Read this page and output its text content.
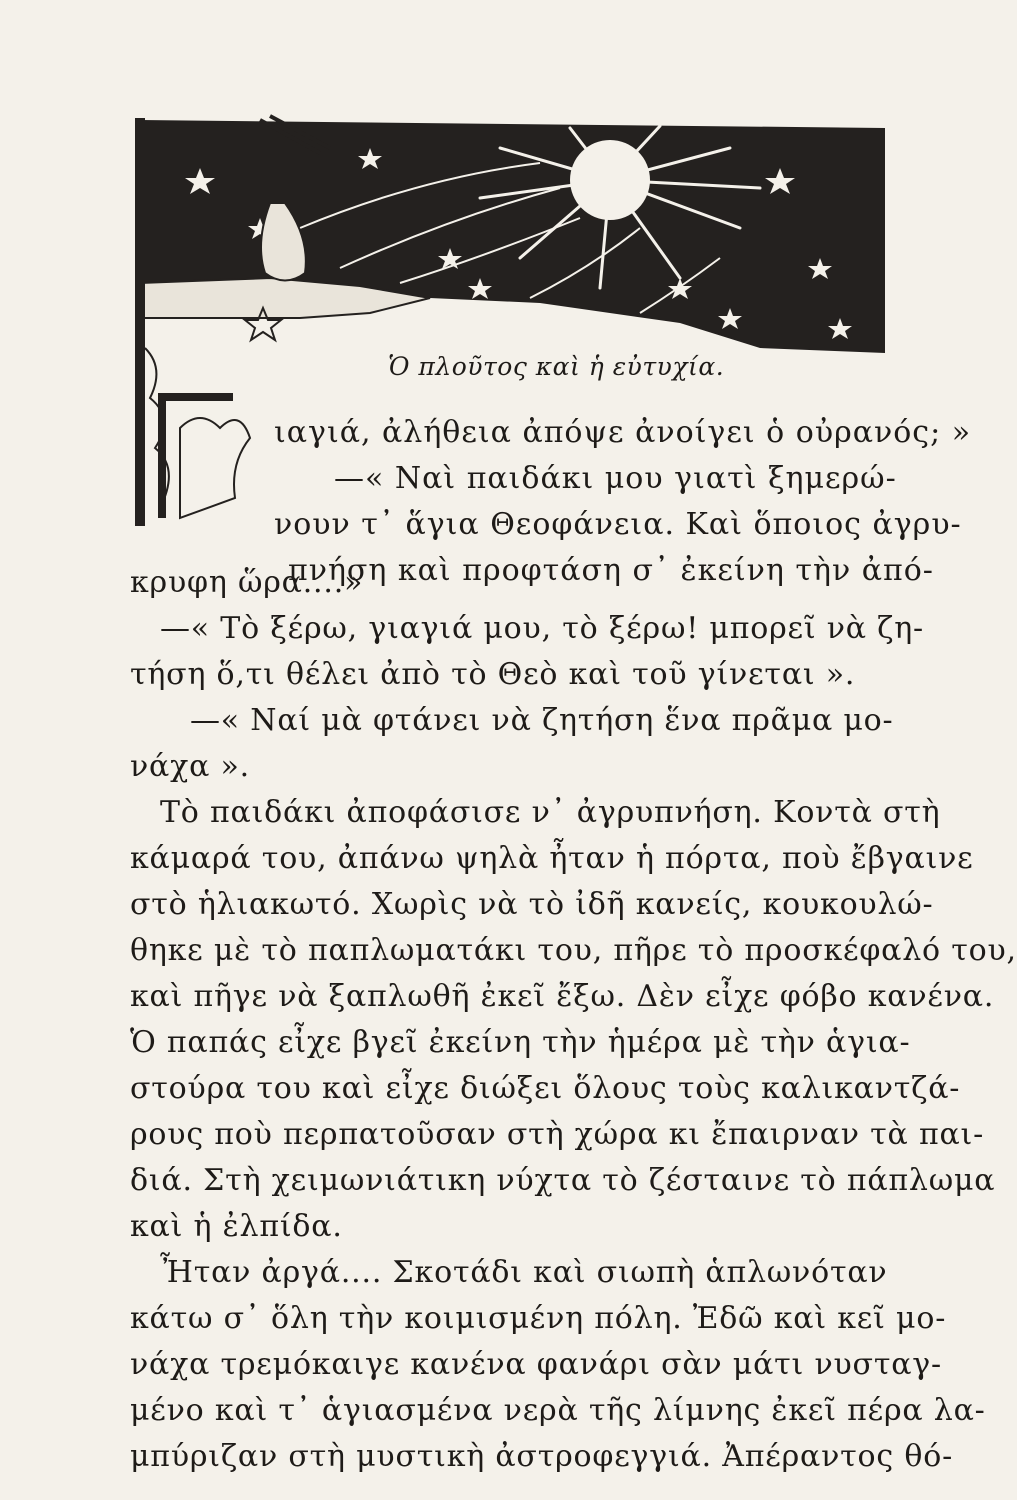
Ὁ πλοῦτος καὶ ἡ εὐτυχία.
ιαγιά, ἀλήθεια ἀπόψε ἀνοίγει ὁ οὐρανός; »
—« Ναὶ παιδάκι μου γιατὶ ξημερώ-
νουν τ᾽ ἅγια Θεοφάνεια. Καὶ ὅποιος ἀγρυ-
πνήση καὶ προφτάση σ᾽ ἐκείνη τὴν ἀπό-
κρυφη ὥρα....»
—« Τὸ ξέρω, γιαγιά μου, τὸ ξέρω! μπορεῖ νὰ ζη-
τήση ὅ,τι θέλει ἀπὸ τὸ Θεὸ καὶ τοῦ γίνεται ».
—« Ναί μὰ φτάνει νὰ ζητήση ἕνα πρᾶμα μο-
νάχα ».
Τὸ παιδάκι ἀποφάσισε ν᾽ ἀγρυπνήση. Κοντὰ στὴ
κάμαρά του, ἀπάνω ψηλὰ ἦταν ἡ πόρτα, ποὺ ἔβγαινε
στὸ ἡλιακωτό. Χωρὶς νὰ τὸ ἰδῆ κανείς, κουκουλώ-
θηκε μὲ τὸ παπλωματάκι του, πῆρε τὸ προσκέφαλό του,
καὶ πῆγε νὰ ξαπλωθῆ ἐκεῖ ἔξω. Δὲν εἶχε φόβο κανένα.
Ὁ παπάς εἶχε βγεῖ ἐκείνη τὴν ἡμέρα μὲ τὴν ἁγια-
στούρα του καὶ εἶχε διώξει ὅλους τοὺς καλικαντζά-
ρους ποὺ περπατοῦσαν στὴ χώρα κι ἔπαιρναν τὰ παι-
διά. Στὴ χειμωνιάτικη νύχτα τὸ ζέσταινε τὸ πάπλωμα
καὶ ἡ ἐλπίδα.
Ἦταν ἀργά.... Σκοτάδι καὶ σιωπὴ ἁπλωνόταν
κάτω σ᾽ ὅλη τὴν κοιμισμένη πόλη. Ἐδῶ καὶ κεῖ μο-
νάχα τρεμόκαιγε κανένα φανάρι σὰν μάτι νυσταγ-
μένο καὶ τ᾽ ἁγιασμένα νερὰ τῆς λίμνης ἐκεῖ πέρα λα-
μπύριζαν στὴ μυστικὴ ἀστροφεγγιά. Ἀπέραντος θό-
